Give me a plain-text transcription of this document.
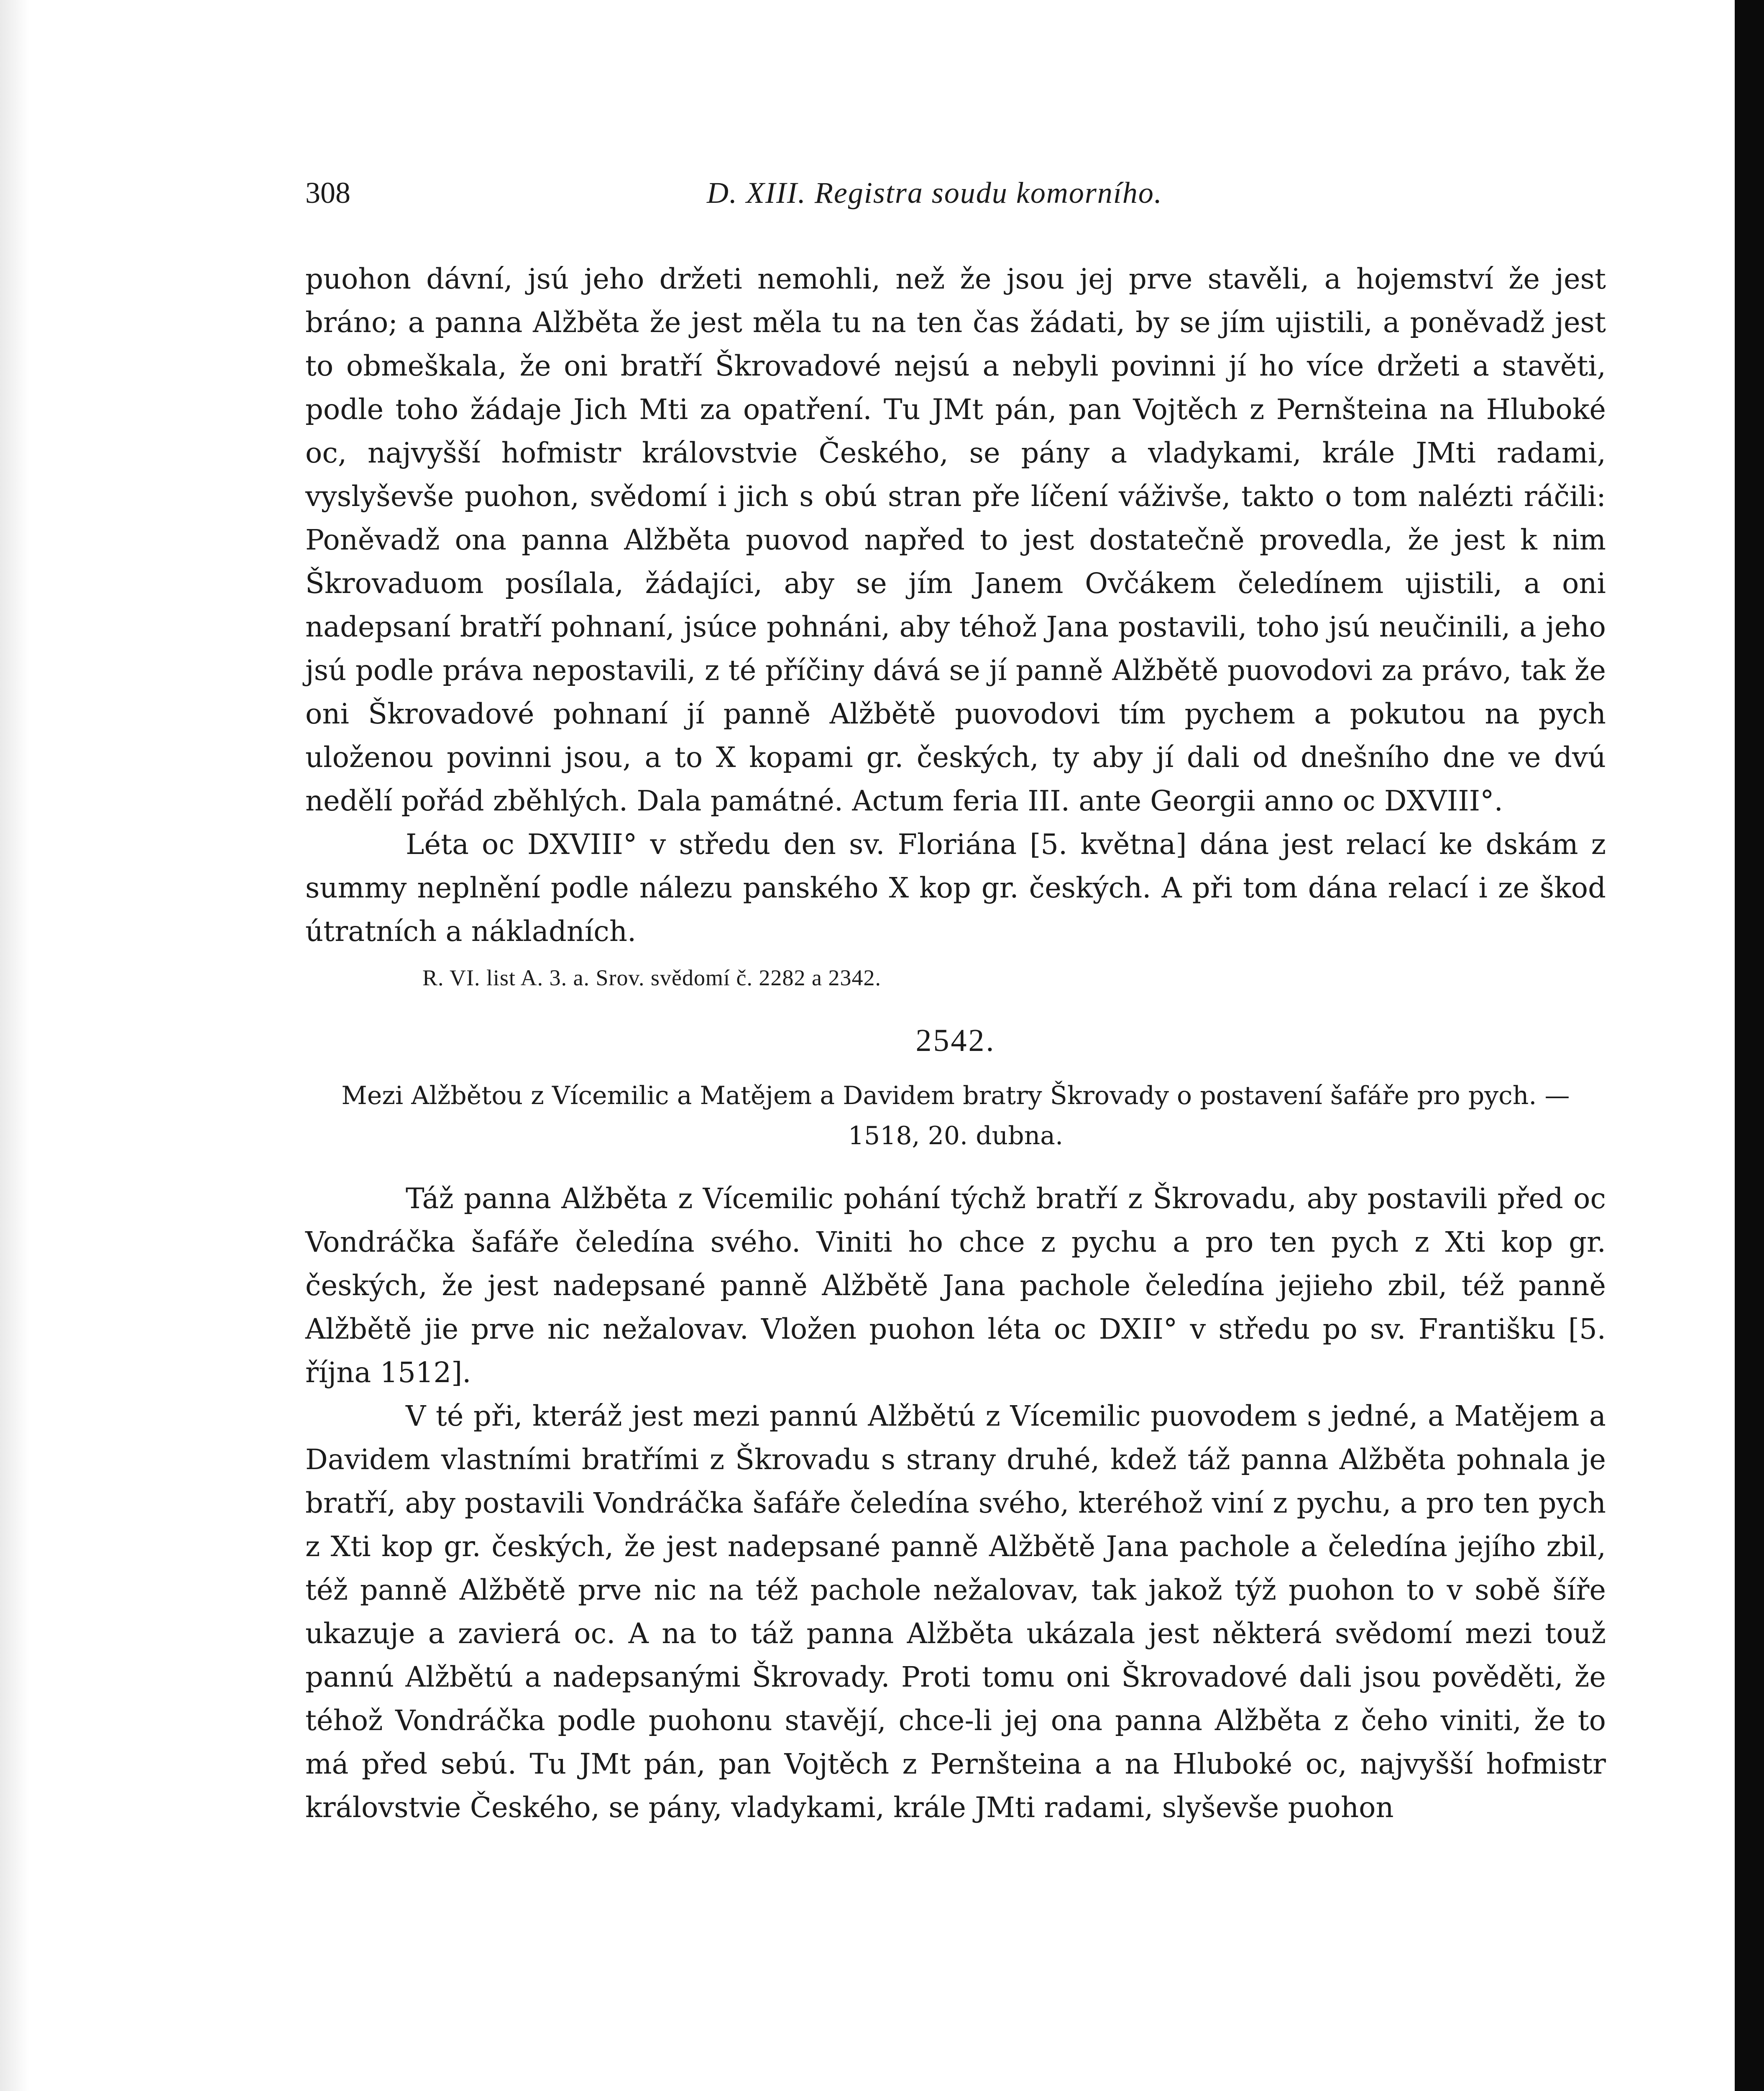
308	D. XIII. Registra soudu komorního.

puohon dávní, jsú jeho držeti nemohli, než že jsou jej prve stavěli, a hojemství že jest bráno; a panna Alžběta že jest měla tu na ten čas žádati, by se jím ujistili, a poněvadž jest to obmeškala, že oni bratří Škrovadové nejsú a nebyli povinni jí ho více držeti a stavěti, podle toho žádaje Jich Mti za opatření. Tu JMt pán, pan Vojtěch z Pernšteina na Hluboké oc, najvyšší hofmistr královstvie Českého, se pány a vladykami, krále JMti radami, vyslyševše puohon, svědomí i jich s obú stran pře líčení váživše, takto o tom nalézti ráčili: Poněvadž ona panna Alžběta puovod napřed to jest dostatečně provedla, že jest k nim Škrovaduom posílala, žádajíci, aby se jím Janem Ovčákem čeledínem ujistili, a oni nadepsaní bratří pohnaní, jsúce pohnáni, aby téhož Jana postavili, toho jsú neučinili, a jeho jsú podle práva nepostavili, z té příčiny dává se jí panně Alžbětě puovodovi za právo, tak že oni Škrovadové pohnaní jí panně Alžbětě puovodovi tím pychem a pokutou na pych uloženou povinni jsou, a to X kopami gr. českých, ty aby jí dali od dnešního dne ve dvú nedělí pořád zběhlých. Dala památné. Actum feria III. ante Georgii anno oc DXVIII°.

Léta oc DXVIII° v středu den sv. Floriána [5. května] dána jest relací ke dskám z summy neplnění podle nálezu panského X kop gr. českých. A při tom dána relací i ze škod útratních a nákladních.

R. VI. list A. 3. a. Srov. svědomí č. 2282 a 2342.

2542.
Mezi Alžbětou z Vícemilic a Matějem a Davidem bratry Škrovady o postavení šafáře pro pych. — 1518, 20. dubna.

Táž panna Alžběta z Vícemilic pohání týchž bratří z Škrovadu, aby postavili před oc Vondráčka šafáře čeledína svého. Viniti ho chce z pychu a pro ten pych z Xti kop gr. českých, že jest nadepsané panně Alžbětě Jana pachole čeledína jejieho zbil, též panně Alžbětě jie prve nic nežalovav. Vložen puohon léta oc DXII° v středu po sv. Františku [5. října 1512].

V té při, kteráž jest mezi pannú Alžbětú z Vícemilic puovodem s jedné, a Matějem a Davidem vlastními bratřími z Škrovadu s strany druhé, kdež táž panna Alžběta pohnala je bratří, aby postavili Vondráčka šafáře čeledína svého, kteréhož viní z pychu, a pro ten pych z Xti kop gr. českých, že jest nadepsané panně Alžbětě Jana pachole a čeledína jejího zbil, též panně Alžbětě prve nic na též pachole nežalovav, tak jakož týž puohon to v sobě šíře ukazuje a zavierá oc. A na to táž panna Alžběta ukázala jest některá svědomí mezi touž pannú Alžbětú a nadepsanými Škrovady. Proti tomu oni Škrovadové dali jsou pověděti, že téhož Vondráčka podle puohonu stavějí, chce-li jej ona panna Alžběta z čeho viniti, že to má před sebú. Tu JMt pán, pan Vojtěch z Pernšteina a na Hluboké oc, najvyšší hofmistr královstvie Českého, se pány, vladykami, krále JMti radami, slyševše puohon
